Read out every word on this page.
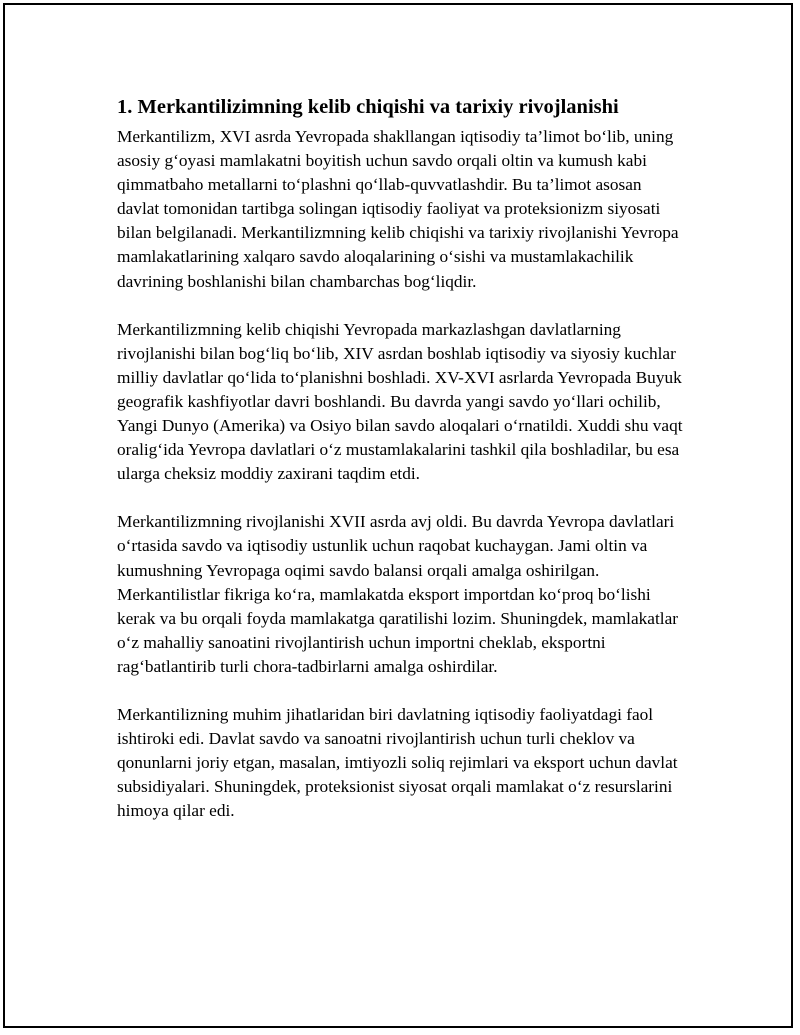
1. Merkantilizimning kelib chiqishi va tarixiy rivojlanishi

Merkantilizm, XVI asrda Yevropada shakllangan iqtisodiy ta’limot bo‘lib, uning asosiy g‘oyasi mamlakatni boyitish uchun savdo orqali oltin va kumush kabi qimmatbaho metallarni to‘plashni qo‘llab-quvvatlashdir. Bu ta’limot asosan davlat tomonidan tartibga solingan iqtisodiy faoliyat va proteksionizm siyosati bilan belgilanadi. Merkantilizmning kelib chiqishi va tarixiy rivojlanishi Yevropa mamlakatlarining xalqaro savdo aloqalarining o‘sishi va mustamlakachilik davrining boshlanishi bilan chambarchas bog‘liqdir.

Merkantilizmning kelib chiqishi Yevropada markazlashgan davlatlarning rivojlanishi bilan bog‘liq bo‘lib, XIV asrdan boshlab iqtisodiy va siyosiy kuchlar milliy davlatlar qo‘lida to‘planishni boshladi. XV-XVI asrlarda Yevropada Buyuk geografik kashfiyotlar davri boshlandi. Bu davrda yangi savdo yo‘llari ochilib, Yangi Dunyo (Amerika) va Osiyo bilan savdo aloqalari o‘rnatildi. Xuddi shu vaqt oralig‘ida Yevropa davlatlari o‘z mustamlakalarini tashkil qila boshladilar, bu esa ularga cheksiz moddiy zaxirani taqdim etdi.

Merkantilizmning rivojlanishi XVII asrda avj oldi. Bu davrda Yevropa davlatlari o‘rtasida savdo va iqtisodiy ustunlik uchun raqobat kuchaygan. Jami oltin va kumushning Yevropaga oqimi savdo balansi orqali amalga oshirilgan. Merkantilistlar fikriga ko‘ra, mamlakatda eksport importdan ko‘proq bo‘lishi kerak va bu orqali foyda mamlakatga qaratilishi lozim. Shuningdek, mamlakatlar o‘z mahalliy sanoatini rivojlantirish uchun importni cheklab, eksportni rag‘batlantirib turli chora-tadbirlarni amalga oshirdilar.

Merkantilizning muhim jihatlaridan biri davlatning iqtisodiy faoliyatdagi faol ishtiroki edi. Davlat savdo va sanoatni rivojlantirish uchun turli cheklov va qonunlarni joriy etgan, masalan, imtiyozli soliq rejimlari va eksport uchun davlat subsidiyalari. Shuningdek, proteksionist siyosat orqali mamlakat o‘z resurslarini himoya qilar edi.
